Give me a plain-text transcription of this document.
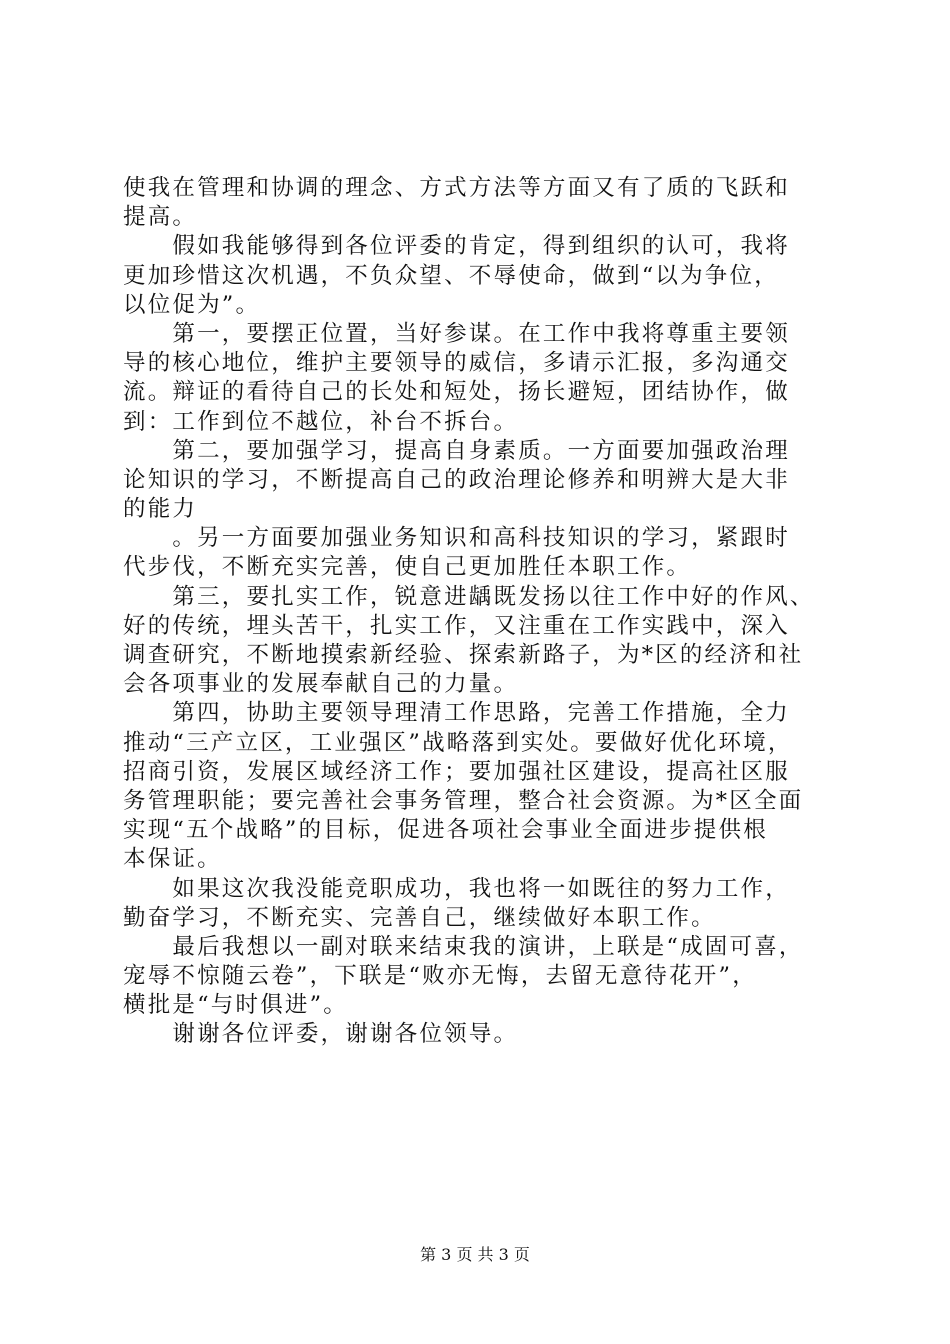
使我在管理和协调的理念、方式方法等方面又有了质的飞跃和
提高。
　　假如我能够得到各位评委的肯定，得到组织的认可，我将
更加珍惜这次机遇，不负众望、不辱使命，做到“以为争位，
以位促为”。
　　第一，要摆正位置，当好参谋。在工作中我将尊重主要领
导的核心地位，维护主要领导的威信，多请示汇报，多沟通交
流。辩证的看待自己的长处和短处，扬长避短，团结协作，做
到：工作到位不越位，补台不拆台。
　　第二，要加强学习，提高自身素质。一方面要加强政治理
论知识的学习，不断提高自己的政治理论修养和明辨大是大非
的能力
　　。另一方面要加强业务知识和高科技知识的学习，紧跟时
代步伐，不断充实完善，使自己更加胜任本职工作。
　　第三，要扎实工作，锐意进龋既发扬以往工作中好的作风、
好的传统，埋头苦干，扎实工作，又注重在工作实践中，深入
调查研究，不断地摸索新经验、探索新路子，为*区的经济和社
会各项事业的发展奉献自己的力量。
　　第四，协助主要领导理清工作思路，完善工作措施，全力
推动“三产立区，工业强区”战略落到实处。要做好优化环境，
招商引资，发展区域经济工作；要加强社区建设，提高社区服
务管理职能；要完善社会事务管理，整合社会资源。为*区全面
实现“五个战略”的目标，促进各项社会事业全面进步提供根
本保证。
　　如果这次我没能竞职成功，我也将一如既往的努力工作，
勤奋学习，不断充实、完善自己，继续做好本职工作。
　　最后我想以一副对联来结束我的演讲，上联是“成固可喜，
宠辱不惊随云卷”，下联是“败亦无悔，去留无意待花开”，
横批是“与时俱进”。
　　谢谢各位评委，谢谢各位领导。
第 3 页 共 3 页
